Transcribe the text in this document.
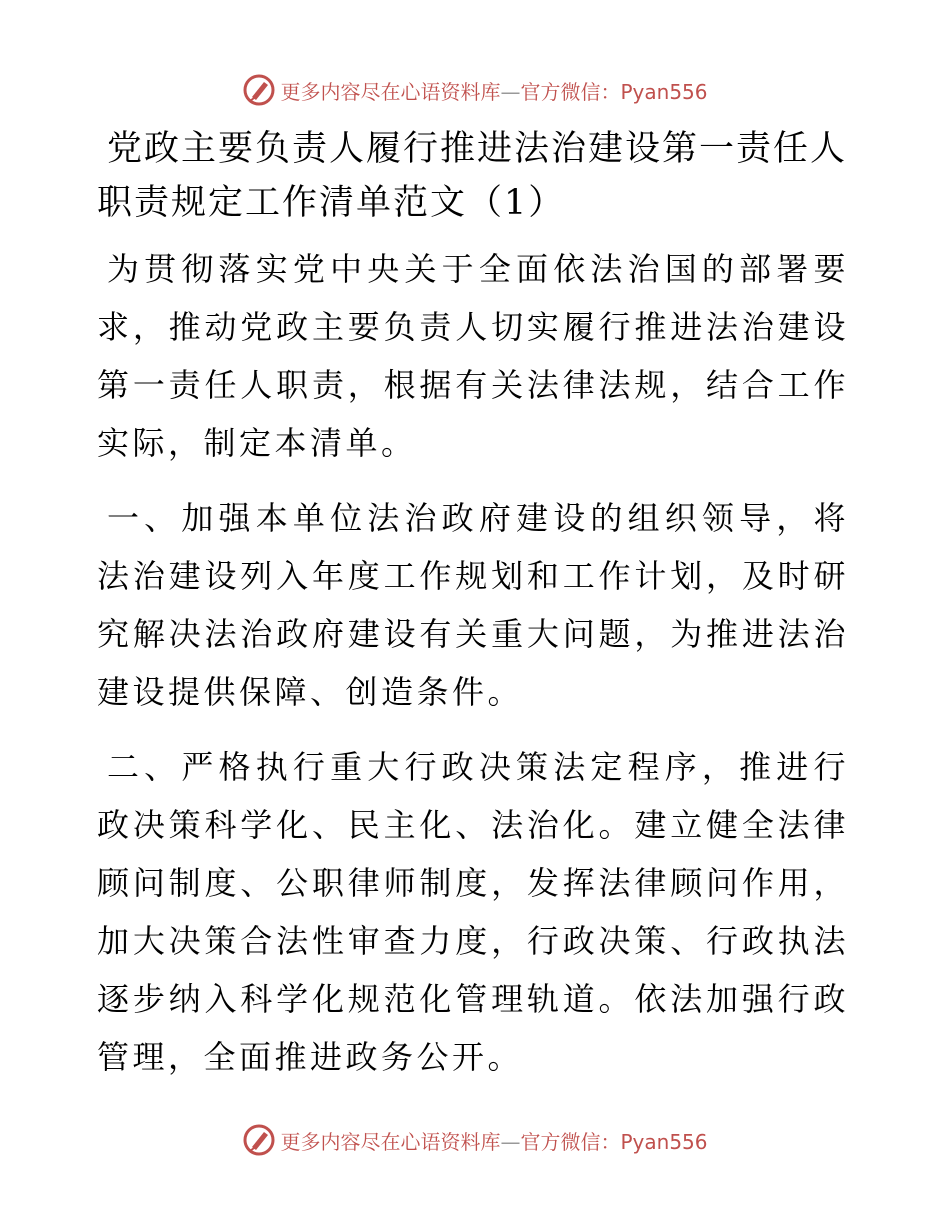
更多内容尽在心语资料库—官方微信：Pyan556
党政主要负责人履行推进法治建设第一责任人职责规定工作清单范文（1）

为贯彻落实党中央关于全面依法治国的部署要求，推动党政主要负责人切实履行推进法治建设第一责任人职责，根据有关法律法规，结合工作实际，制定本清单。

一、加强本单位法治政府建设的组织领导，将法治建设列入年度工作规划和工作计划，及时研究解决法治政府建设有关重大问题，为推进法治建设提供保障、创造条件。

二、严格执行重大行政决策法定程序，推进行政决策科学化、民主化、法治化。建立健全法律顾问制度、公职律师制度，发挥法律顾问作用，加大决策合法性审查力度，行政决策、行政执法逐步纳入科学化规范化管理轨道。依法加强行政管理，全面推进政务公开。

更多内容尽在心语资料库—官方微信：Pyan556
